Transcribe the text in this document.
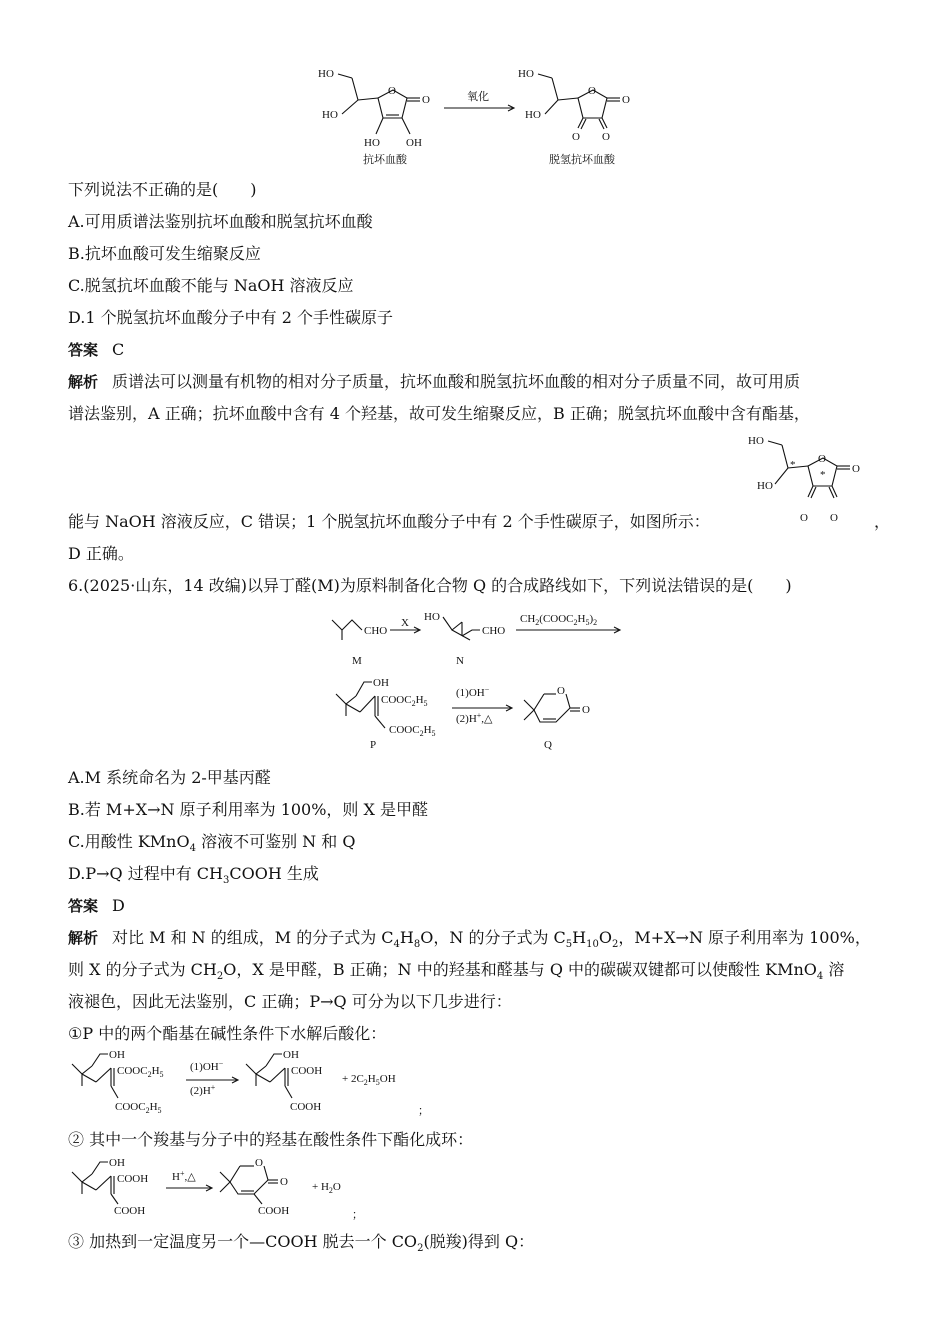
HO
HO
O
O
HO OH
抗坏血酸
氧化
HO
HO
O
O
O O
脱氢抗坏血酸
下列说法不正确的是(　　)
A.可用质谱法鉴别抗坏血酸和脱氢抗坏血酸
B.抗坏血酸可发生缩聚反应
C.脱氢抗坏血酸不能与 NaOH 溶液反应
D.1 个脱氢抗坏血酸分子中有 2 个手性碳原子
答案 C
解析 质谱法可以测量有机物的相对分子质量，抗坏血酸和脱氢抗坏血酸的相对分子质量不同，故可用质
谱法鉴别，A 正确；抗坏血酸中含有 4 个羟基，故可发生缩聚反应，B 正确；脱氢抗坏血酸中含有酯基，
HO
HO
* O
* O
O O
能与 NaOH 溶液反应，C 错误；1 个脱氢抗坏血酸分子中有 2 个手性碳原子，如图所示：	，
D 正确。
6.(2025·山东，14 改编)以异丁醛(M)为原料制备化合物 Q 的合成路线如下，下列说法错误的是(　　)
CHO
M
X HO
CHO
N
$CH_2(COOC_2H_5)_2$
OH
$COOC_2H_5$
$COOC_2H_5$
P
(1)OH−
(2)H+,△
O
O
Q
A.M 系统命名为 2-甲基丙醛
B.若 M+X→N 原子利用率为 100%，则 X 是甲醛
C.用酸性 KMnO$_4$ 溶液不可鉴别 N 和 Q
D.P→Q 过程中有 $CH_3COOH$ 生成
答案 D
解析 对比 M 和 N 的组成，M 的分子式为 $C_4H_8O$，N 的分子式为 $C_5H_{10}O_2$，M+X→N 原子利用率为 100%，
则 X 的分子式为 $CH_2O$，X 是甲醛，B 正确；N 中的羟基和醛基与 Q 中的碳碳双键都可以使酸性 KMnO$_4$ 溶
液褪色，因此无法鉴别，C 正确；P→Q 可分为以下几步进行：
①P 中的两个酯基在碱性条件下水解后酸化：
OH
$COOC_2H_5$
$COOC_2H_5$
(1)OH−
(2)H+
OH
COOH
COOH
+ $2C_2H_5OH$
；
② 其中一个羧基与分子中的羟基在酸性条件下酯化成环：
OH
COOH
COOH
H+,△
O
O
COOH
+ $H_2O$
；
③ 加热到一定温度另一个—COOH 脱去一个 $CO_2$(脱羧)得到 Q：
